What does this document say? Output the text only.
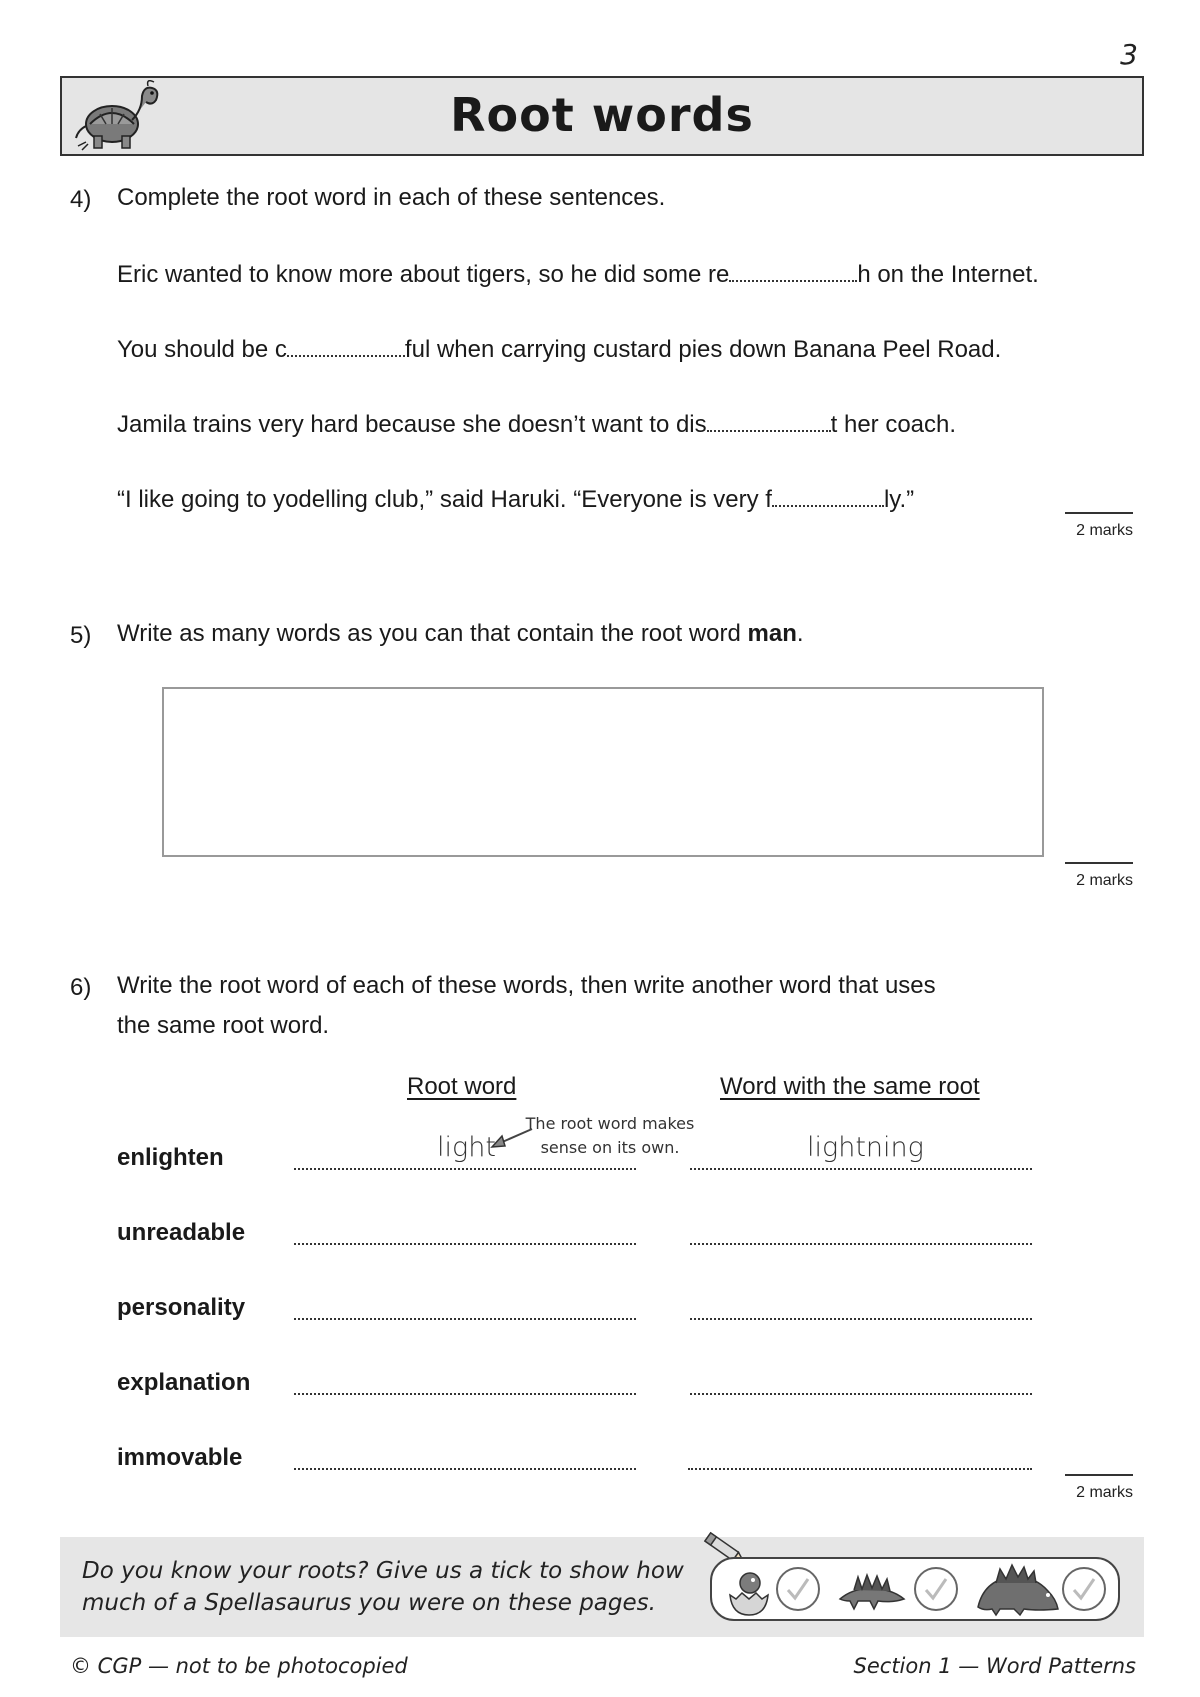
3
Root words
4) Complete the root word in each of these sentences.
Eric wanted to know more about tigers, so he did some re	h on the Internet.
You should be c	ful when carrying custard pies down Banana Peel Road.
Jamila trains very hard because she doesn’t want to dis	t her coach.
“I like going to yodelling club,” said Haruki. “Everyone is very f	ly.”
2 marks
5) Write as many words as you can that contain the root word man.
2 marks
6) Write the root word of each of these words, then write another word that uses
the same root word.
Root word	Word with the same root
enlighten	light	lightning
The root word makes
sense on its own.
unreadable
personality
explanation
immovable
2 marks
Do you know your roots? Give us a tick to show how
much of a Spellasaurus you were on these pages.
© CGP — not to be photocopied	Section 1 — Word Patterns
